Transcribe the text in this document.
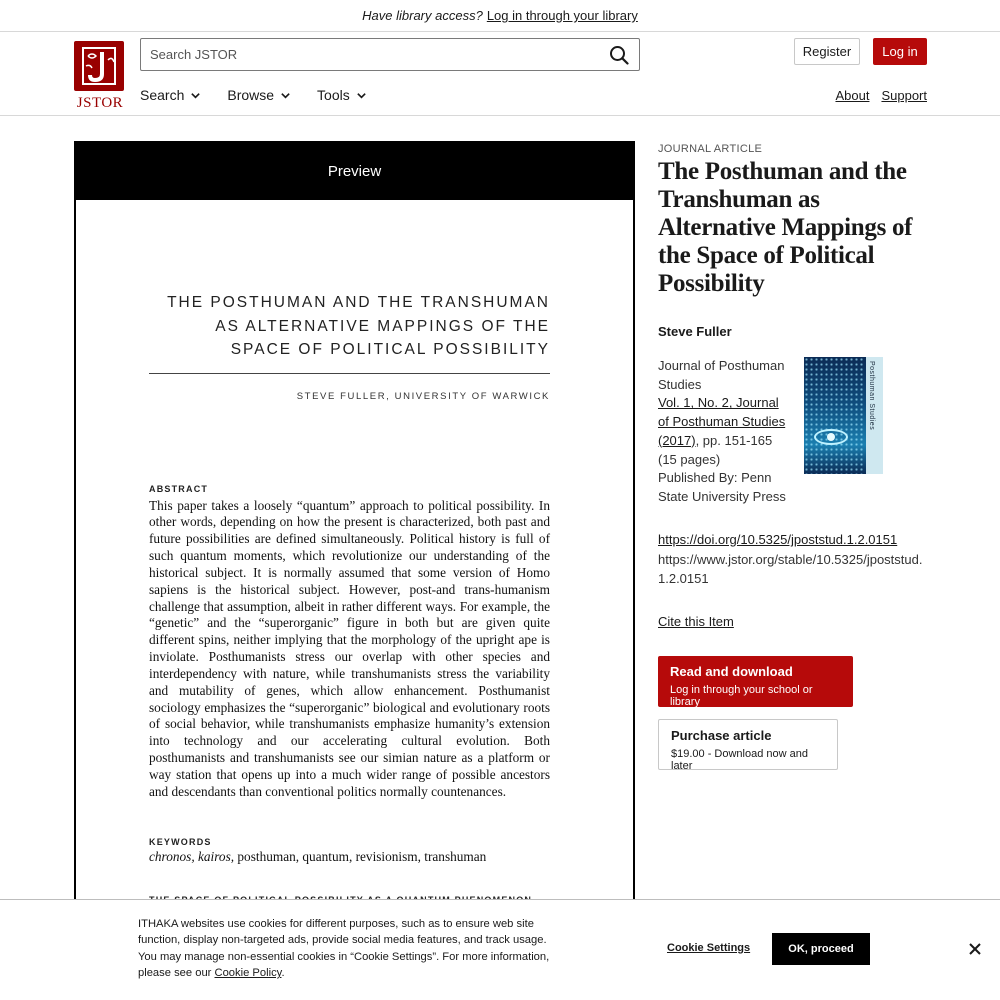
Have library access? Log in through your library
JSTOR
Search JSTOR
Register	Log in
Search	Browse	Tools	About Support
Preview
THE POSTHUMAN AND THE TRANSHUMAN
AS ALTERNATIVE MAPPINGS OF THE
SPACE OF POLITICAL POSSIBILITY
STEVE FULLER, UNIVERSITY OF WARWICK
ABSTRACT
This paper takes a loosely “quantum” approach to political possibility. In other words, depending on how the present is characterized, both past and future possibilities are defined simultaneously. Political history is full of such quantum moments, which revolutionize our understanding of the historical subject. It is normally assumed that some version of Homo sapiens is the historical subject. However, post-and trans-humanism challenge that assumption, albeit in rather different ways. For example, the “genetic” and the “superorganic” figure in both but are given quite different spins, neither implying that the morphology of the upright ape is inviolate. Posthumanists stress our overlap with other species and interdependency with nature, while transhumanists stress the variability and mutability of genes, which allow enhancement. Posthumanist sociology emphasizes the “superorganic” biological and evolutionary roots of social behavior, while transhumanists emphasize humanity’s extension into technology and our accelerating cultural evolution. Both posthumanists and transhumanists see our simian nature as a platform or way station that opens up into a much wider range of possible ancestors and descendants than conventional politics normally countenances.
KEYWORDS
chronos, kairos, posthuman, quantum, revisionism, transhuman
JOURNAL ARTICLE
The Posthuman and the Transhuman as Alternative Mappings of the Space of Political Possibility
Steve Fuller
Journal of Posthuman Studies
Vol. 1, No. 2, Journal of Posthuman Studies (2017), pp. 151-165 (15 pages)
Published By: Penn State University Press
Posthuman Studies
https://doi.org/10.5325/jpoststud.1.2.0151
https://www.jstor.org/stable/10.5325/jpoststud.1.2.0151
Cite this Item
Read and download
Log in through your school or library
Purchase article
$19.00 - Download now and later
ITHAKA websites use cookies for different purposes, such as to ensure web site function, display non-targeted ads, provide social media features, and track usage. You may manage non-essential cookies in “Cookie Settings”. For more information, please see our Cookie Policy.
Cookie Settings	OK, proceed
